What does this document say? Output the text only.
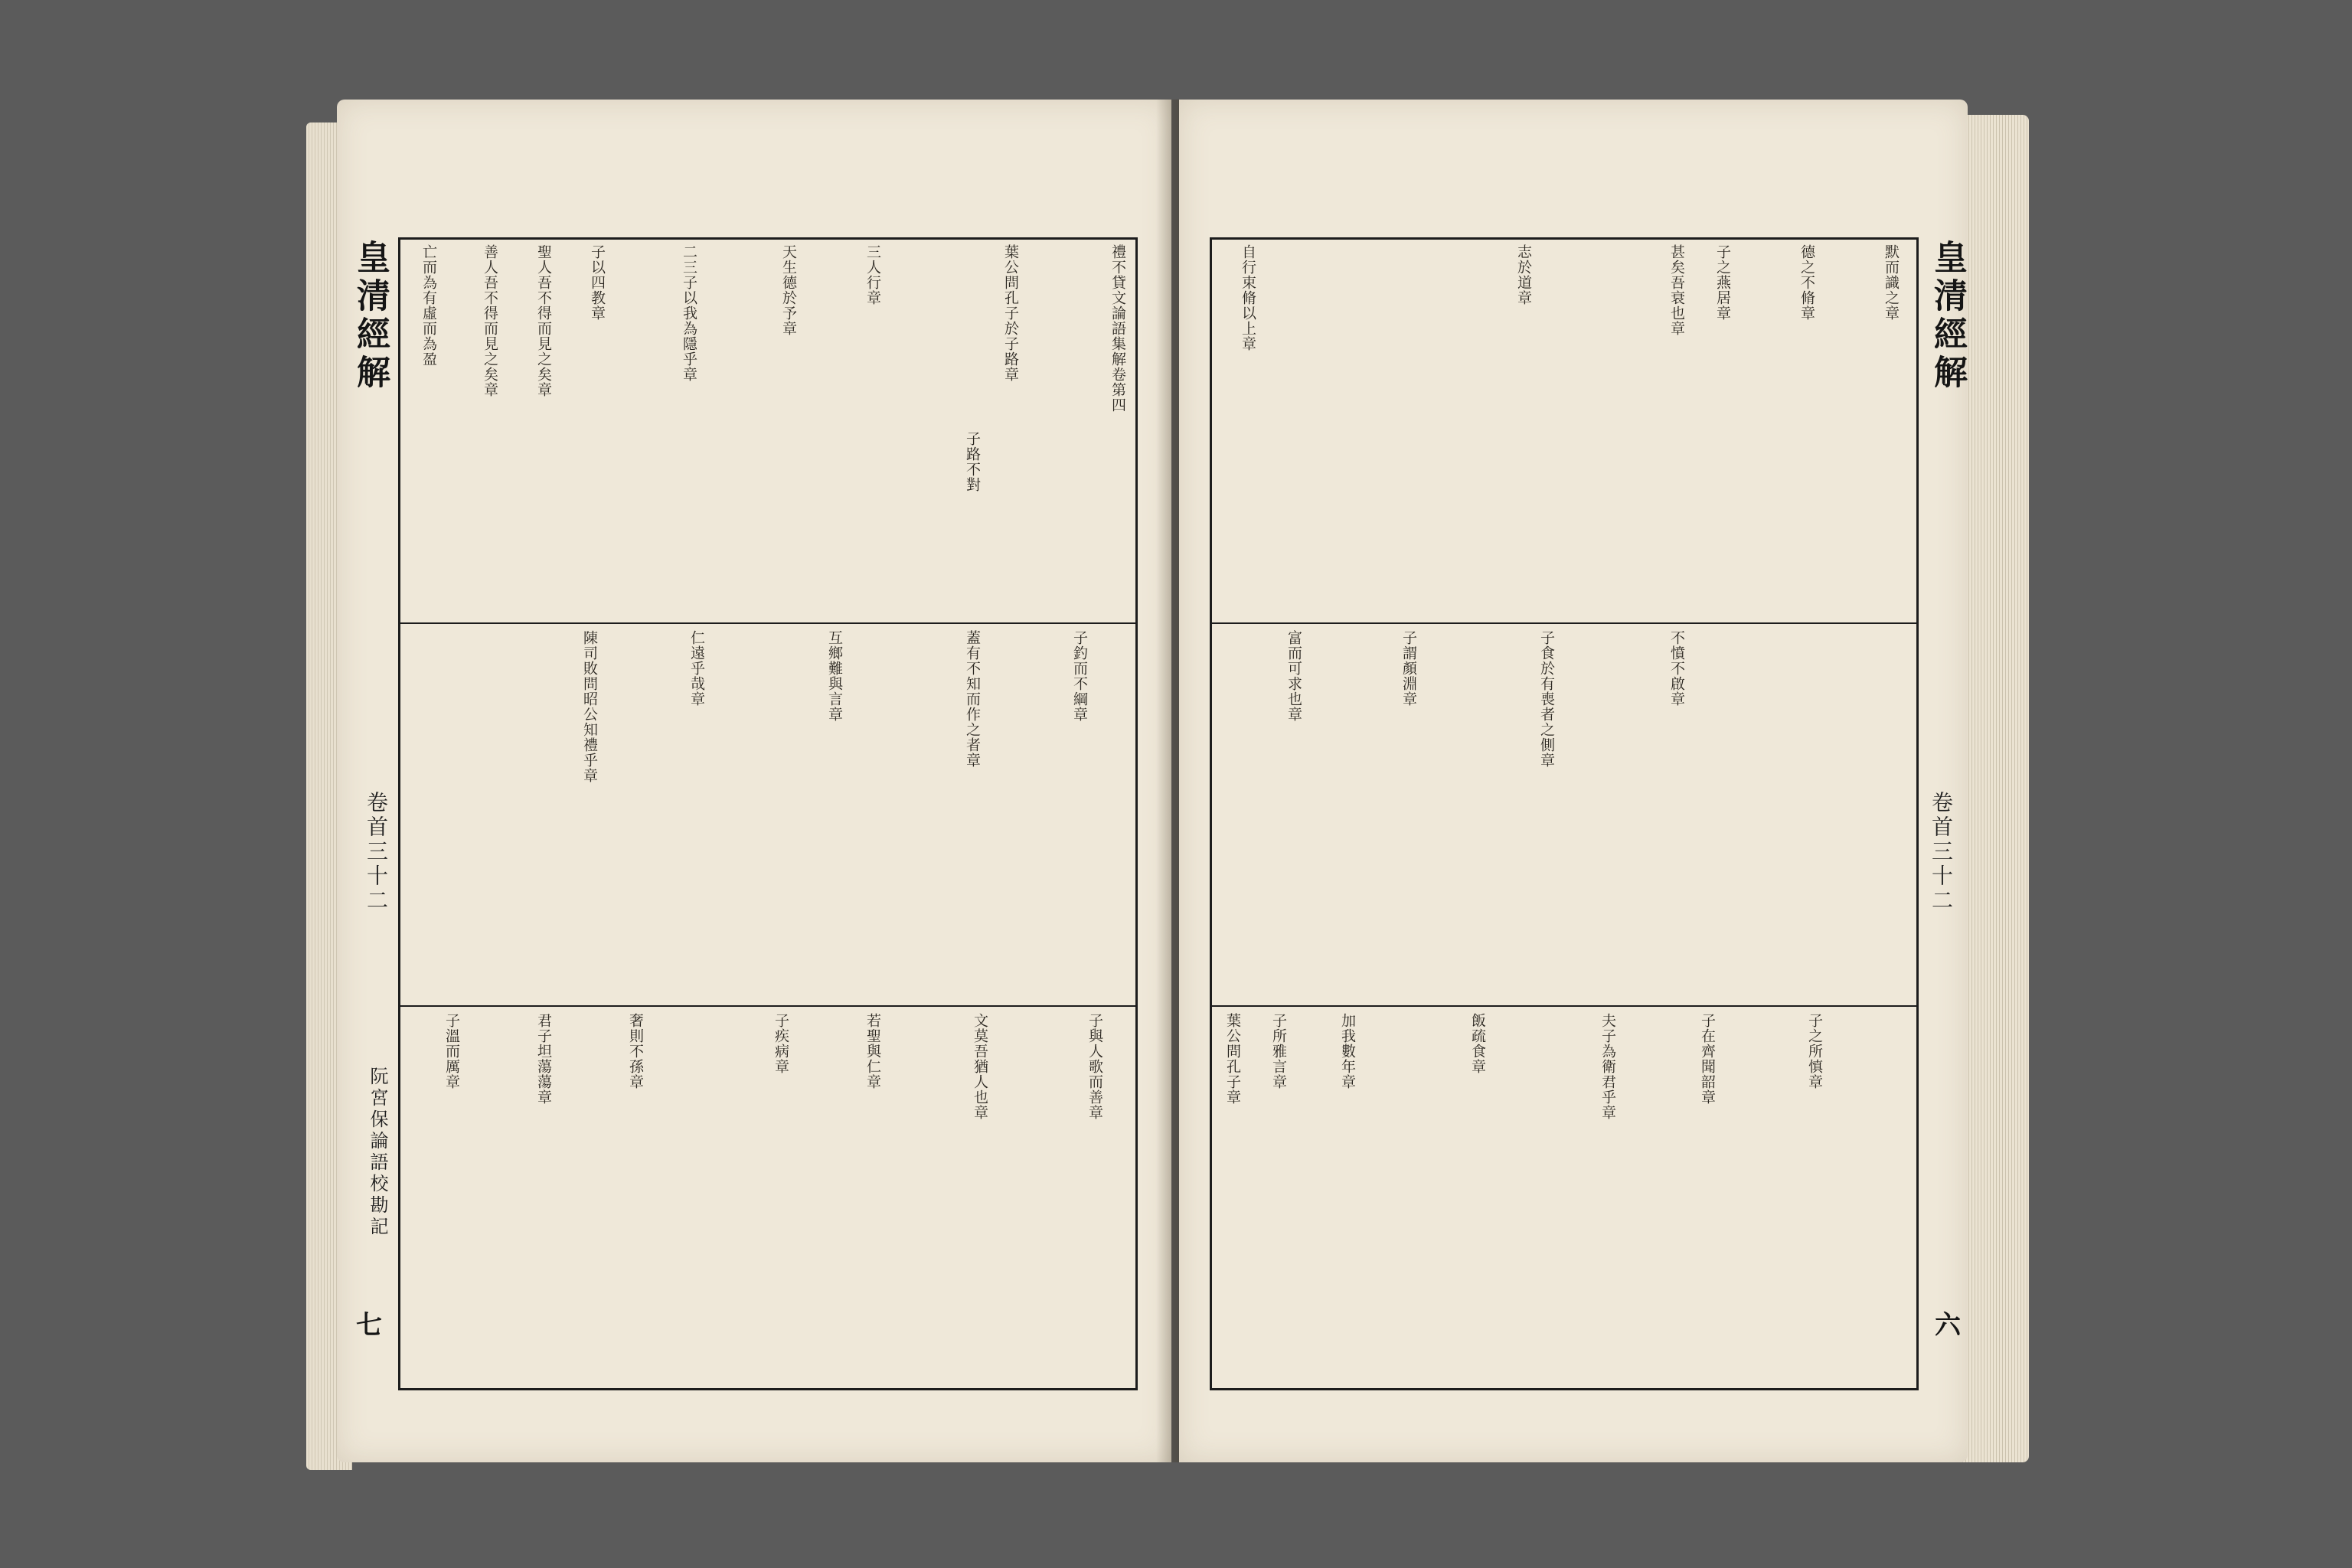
皇清經解
卷首三十二
阮宮保論語校勘記
七
禮不貸文論語集解卷第四
葉公問孔子於子路章
子路不對
三人行章
天生德於予章
二三子以我為隱乎章
子以四教章
聖人吾不得而見之矣章
善人吾不得而見之矣章
亡而為有虛而為盈
子釣而不綱章
蓋有不知而作之者章
互鄉難與言章
仁遠乎哉章
陳司敗問昭公知禮乎章
子與人歌而善章
文莫吾猶人也章
若聖與仁章
子疾病章
奢則不孫章
君子坦蕩蕩章
子溫而厲章
皇清經解
卷首三十二
六
默而識之章
德之不脩章
子之燕居章
甚矣吾衰也章
志於道章
自行束脩以上章
不憤不啟章
子食於有喪者之側章
子謂顏淵章
富而可求也章
子之所慎章
子在齊聞韶章
夫子為衛君乎章
飯疏食章
加我數年章
子所雅言章
葉公問孔子章
